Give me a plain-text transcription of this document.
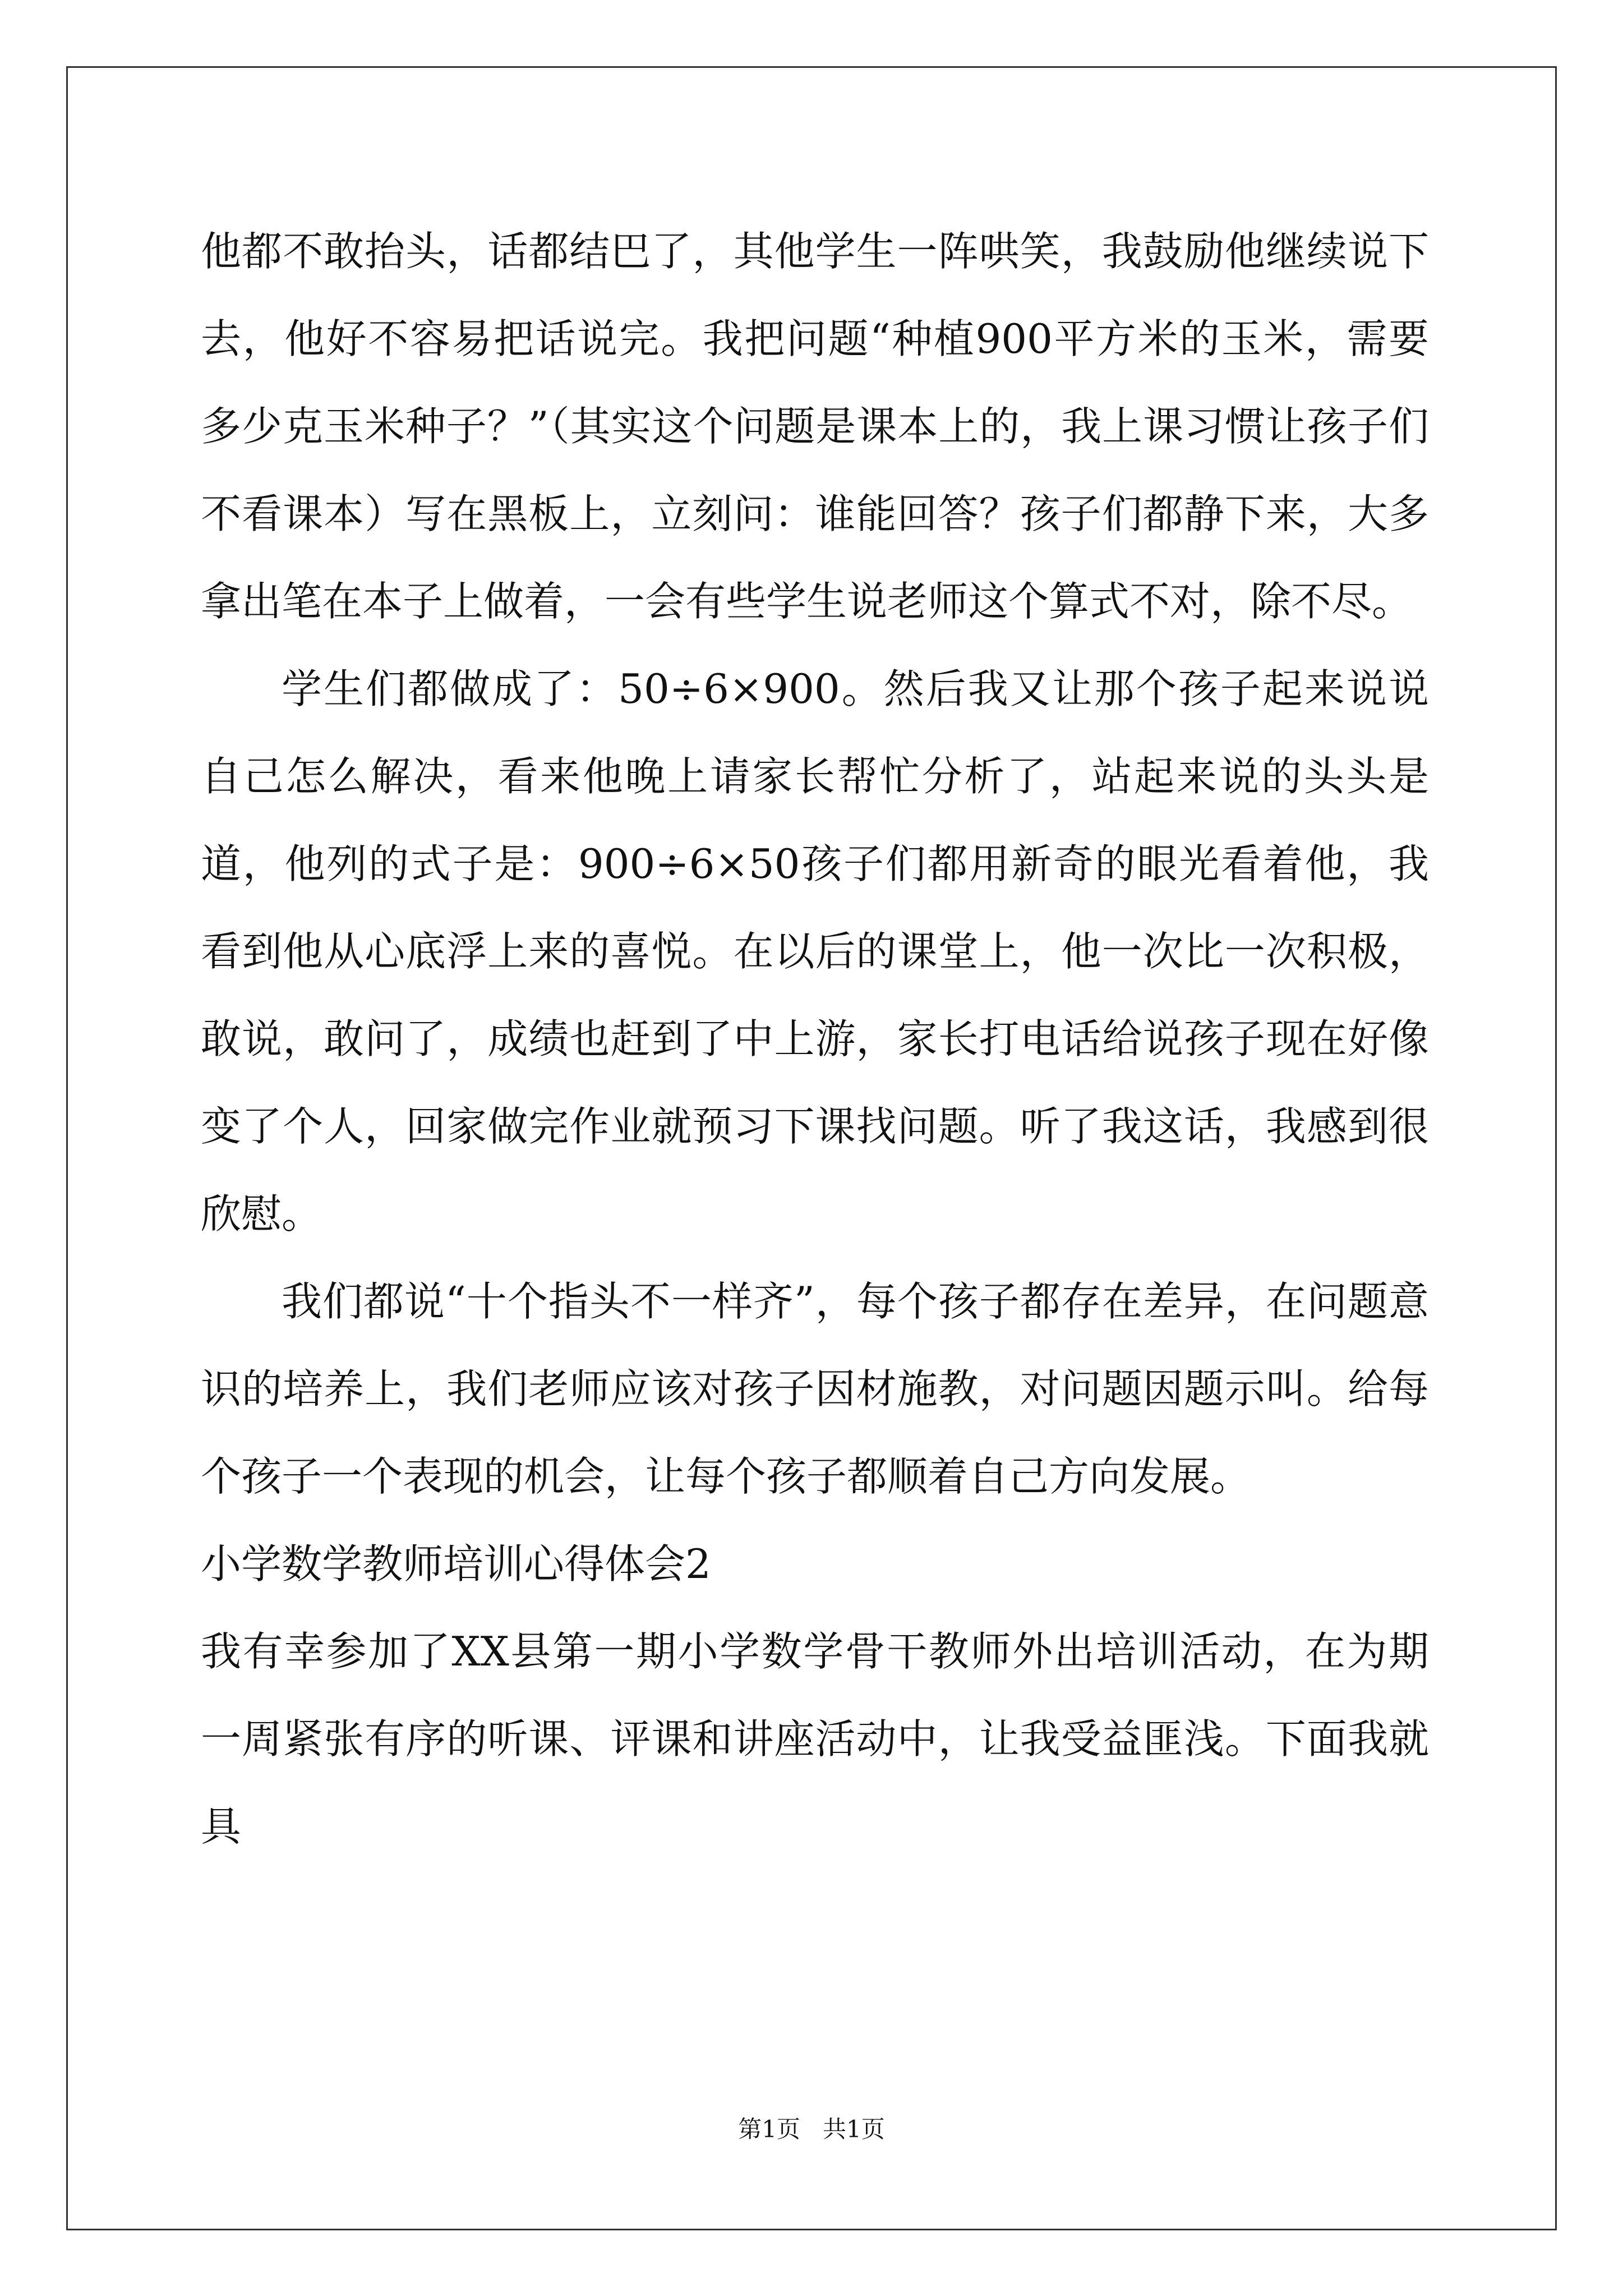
他都不敢抬头，话都结巴了，其他学生一阵哄笑，我鼓励他继续说下去，他好不容易把话说完。我把问题“种植900平方米的玉米，需要多少克玉米种子？”（其实这个问题是课本上的，我上课习惯让孩子们不看课本）写在黑板上，立刻问：谁能回答？孩子们都静下来，大多拿出笔在本子上做着，一会有些学生说老师这个算式不对，除不尽。

学生们都做成了：50÷6×900。然后我又让那个孩子起来说说自己怎么解决，看来他晚上请家长帮忙分析了，站起来说的头头是道，他列的式子是：900÷6×50孩子们都用新奇的眼光看着他，我看到他从心底浮上来的喜悦。在以后的课堂上，他一次比一次积极，敢说，敢问了，成绩也赶到了中上游，家长打电话给说孩子现在好像变了个人，回家做完作业就预习下课找问题。听了我这话，我感到很欣慰。

我们都说“十个指头不一样齐”，每个孩子都存在差异，在问题意识的培养上，我们老师应该对孩子因材施教，对问题因题示叫。给每个孩子一个表现的机会，让每个孩子都顺着自己方向发展。

小学数学教师培训心得体会2

我有幸参加了XX县第一期小学数学骨干教师外出培训活动，在为期一周紧张有序的听课、评课和讲座活动中，让我受益匪浅。下面我就具

第1页   共1页
